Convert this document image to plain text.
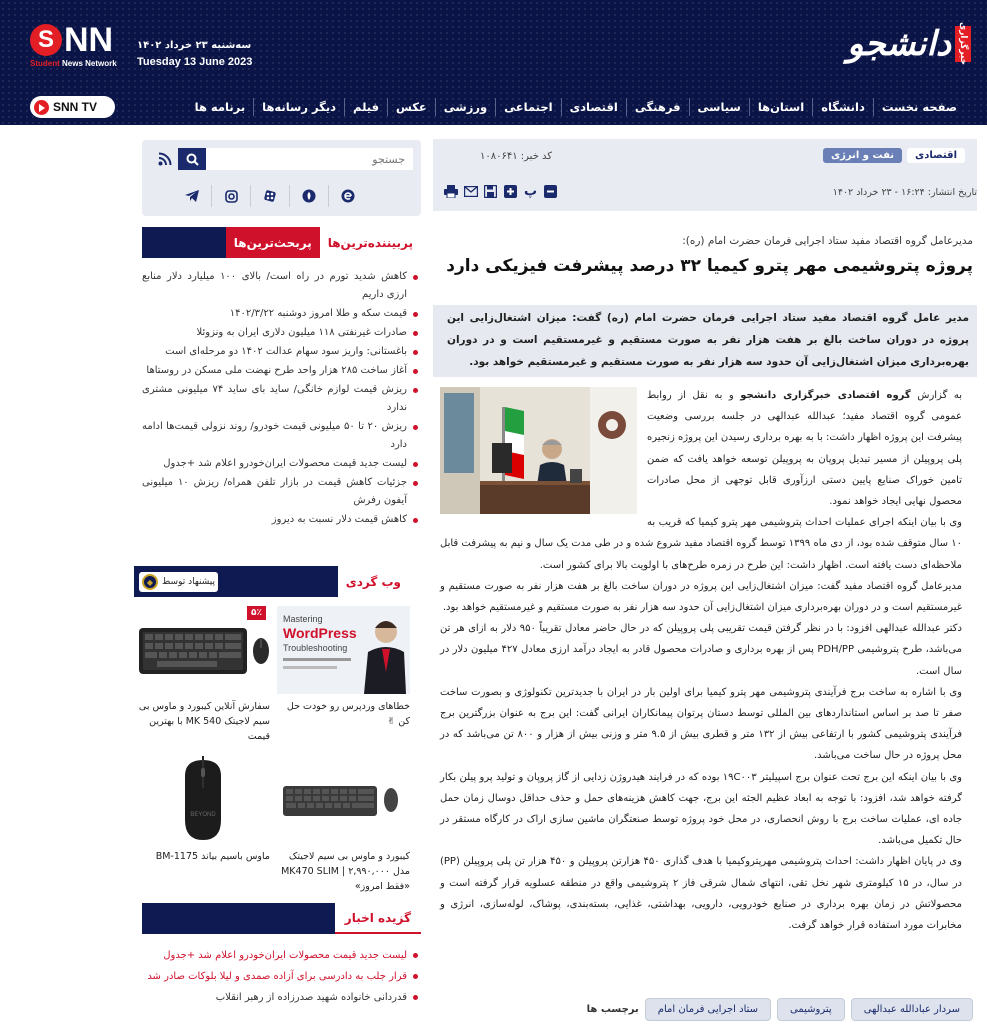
S NN
Student News Network
سه‌شنبه ۲۳ خرداد ۱۴۰۲
Tuesday 13 June 2023	دانشجو خبرگزاری
SNN TV	صفحه نخست
دانشگاه
استان‌ها
سیاسی
فرهنگی
اقتصادی
اجتماعی
ورزشی
عکس
فیلم
دیگر رسانه‌ها
برنامه ها
جستجو
پربیننده‌ترین‌ها
پربحث‌ترین‌ها
کاهش شدید تورم در راه است/ بالای ۱۰۰ میلیارد دلار منابع ارزی داریم
قیمت سکه و طلا امروز دوشنبه ۱۴۰۲/۳/۲۲
صادرات غیرنفتی ۱۱۸ میلیون دلاری ایران به ونزوئلا
باغستانی: واریز سود سهام عدالت ۱۴۰۲ دو مرحله‌ای است
آغاز ساخت ۲۸۵ هزار واحد طرح نهضت ملی مسکن در روستاها
ریزش قیمت لوازم خانگی/ ساید بای ساید ۷۴ میلیونی مشتری ندارد
ریزش ۲۰ تا ۵۰ میلیونی قیمت خودرو/ روند نزولی قیمت‌ها ادامه دارد
لیست جدید قیمت محصولات ایران‌خودرو اعلام شد +جدول
جزئیات کاهش قیمت در بازار تلفن همراه/ ریزش ۱۰ میلیونی آیفون رفرش
کاهش قیمت دلار نسبت به دیروز
وب گردی
◆ پیشنهاد توسط
Mastering
WordPress
Troubleshooting
خطاهای وردپرس رو خودت حل کن ✌
۵٪
سفارش آنلاین کیبورد و ماوس بی سیم لاجیتک MK 540 با بهترین قیمت
کیبورد و ماوس بی سیم لاجیتک مدل MK470 SLIM | ۲,۹۹۰,۰۰۰ «فقط امروز»
BEYOND
ماوس باسیم بیاند BM-1175
گزیده اخبار
لیست جدید قیمت محصولات ایران‌خودرو اعلام شد +جدول
قرار جلب به دادرسی برای آزاده صمدی و لیلا بلوکات صادر شد
قدردانی خانواده شهید صدرزاده از رهبر انقلاب
اقتصادی
نفت و انرژی
کد خبر: ۱۰۸۰۶۴۱
پ	تاریخ انتشار: ۱۶:۲۴ - ۲۳ خرداد ۱۴۰۲
مدیرعامل گروه اقتصاد مفید ستاد اجرایی فرمان حضرت امام (ره):
پروژه پتروشیمی مهر پترو کیمیا ۳۲ درصد پیشرفت فیزیکی دارد
مدیر عامل گروه اقتصاد مفید ستاد اجرایی فرمان حضرت امام (ره) گفت: میزان اشتغال‌زایی این پروژه در دوران ساخت بالغ بر هفت هزار نفر به صورت مستقیم و غیرمستقیم است و در دوران بهره‌برداری میزان اشتغال‌زایی آن حدود سه هزار نفر به صورت مستقیم و غیرمستقیم خواهد بود.

به گزارش گروه اقتصادی خبرگزاری دانشجو و به نقل از روابط عمومی گروه اقتصاد مفید؛ عبدالله عبدالهی در جلسه بررسی وضعیت پیشرفت این پروژه اظهار داشت: با به بهره برداری رسیدن این پروژه زنجیره پلی پروپیلن از مسیر تبدیل پروپان به پروپیلن توسعه خواهد یافت که ضمن تامین خوراک صنایع پایین دستی ارزآوری قابل توجهی از محل صادرات محصول نهایی ایجاد خواهد نمود.

وی با بیان اینکه اجرای عملیات احداث پتروشیمی مهر پترو کیمیا که قریب به ۱۰ سال متوقف شده بود، از دی ماه ۱۳۹۹ توسط گروه اقتصاد مفید شروع شده و در طی مدت یک سال و نیم به پیشرفت قابل ملاحظه‌ای دست یافته است. اظهار داشت: این طرح در زمره طرح‌های با اولویت بالا برای کشور است.

مدیرعامل گروه اقتصاد مفید گفت: میزان اشتغال‌زایی این پروژه در دوران ساخت بالغ بر هفت هزار نفر به صورت مستقیم و غیرمستقیم است و در دوران بهره‌برداری میزان اشتغال‌زایی آن حدود سه هزار نفر به صورت مستقیم و غیرمستقیم خواهد بود.

دکتر عبدالله عبدالهی افزود: با در نظر گرفتن قیمت تقریبی پلی پروپیلن که در حال حاضر معادل تقریباً ۹۵۰ دلار به ازای هر تن می‌باشد، طرح پتروشیمی PDH/PP پس از بهره برداری و صادرات محصول قادر به ایجاد درآمد ارزی معادل ۴۲۷ میلیون دلار در سال است.

وی با اشاره به ساخت برج فرآیندی پتروشیمی مهر پترو کیمیا برای اولین بار در ایران با جدیدترین تکنولوژی و بصورت ساخت صفر تا صد بر اساس استانداردهای بین المللی توسط دستان پرتوان پیمانکاران ایرانی گفت: این برج به عنوان بزرگترین برج فرآیندی پتروشیمی کشور با ارتفاعی بیش از ۱۳۲ متر و قطری بیش از ۹.۵ متر و وزنی بیش از هزار و ۸۰۰ تن می‌باشد که در محل پروژه در حال ساخت می‌باشد.

وی با بیان اینکه این برج تحت عنوان برج اسپیلیتر ۱۹C۰۰۳ بوده که در فرایند هیدروژن زدایی از گاز پروپان و تولید پرو پیلن بکار گرفته خواهد شد، افزود: با توجه به ابعاد عظیم الجثه این برج، جهت کاهش هزینه‌های حمل و حذف حداقل دوسال زمان حمل جاده ای، عملیات ساخت برج با روش انحصاری، در محل خود پروژه توسط صنعتگران ماشین سازی اراک در کارگاه مستقر در حال تکمیل می‌باشد.

وی در پایان اظهار داشت: احداث پتروشیمی مهرپتروکیمیا با هدف گذاری ۴۵۰ هزارتن پروپیلن و ۴۵۰ هزار تن پلی پروپیلن (PP) در سال، در ۱۵ کیلومتری شهر نخل تقی، انتهای شمال شرقی فاز ۲ پتروشیمی واقع در منطقه عسلویه قرار گرفته است و محصولاتش در زمان بهره برداری در صنایع خودرویی، دارویی، بهداشتی، غذایی، بسته‌بندی، پوشاک، لوله‌سازی، انرژی و مخابرات مورد استفاده قرار خواهد گرفت.

برچسب ها	ستاد اجرایی فرمان امام	پتروشیمی	سردار عبادالله عبدالهی
